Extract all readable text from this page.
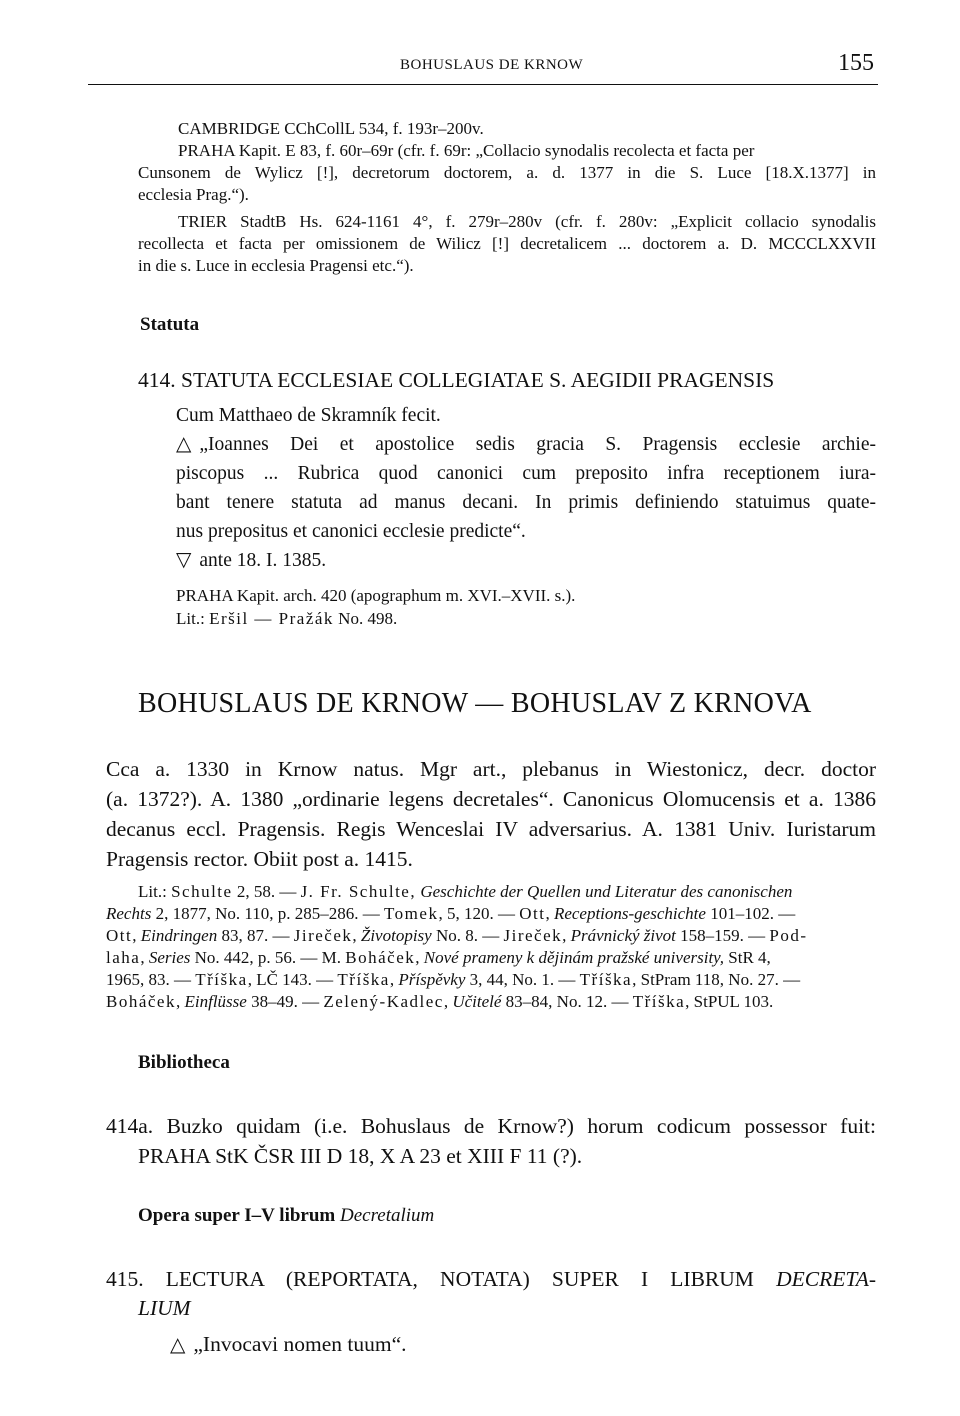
BOHUSLAUS DE KRNOW	155
CAMBRIDGE CChCollL 534, f. 193r–200v.
PRAHA Kapit. E 83, f. 60r–69r (cfr. f. 69r: „Collacio synodalis recolecta et facta per
Cunsonem de Wylicz [!], decretorum doctorem, a. d. 1377 in die S. Luce [18.X.1377] in
ecclesia Prag.“).
TRIER StadtB Hs. 624-1161 4°, f. 279r–280v (cfr. f. 280v: „Explicit collacio synodalis
recollecta et facta per omissionem de Wilicz [!] decretalicem ... doctorem a. D. MCCCLXXVII
in die s. Luce in ecclesia Pragensi etc.“).
Statuta
414. STATUTA ECCLESIAE COLLEGIATAE S. AEGIDII PRAGENSIS
Cum Matthaeo de Skramník fecit.
△ „Ioannes Dei et apostolice sedis gracia S. Pragensis ecclesie archie-
piscopus ... Rubrica quod canonici cum preposito infra receptionem iura-
bant tenere statuta ad manus decani. In primis definiendo statuimus quate-
nus prepositus et canonici ecclesie predicte“.
▽ ante 18. I. 1385.
PRAHA Kapit. arch. 420 (apographum m. XVI.–XVII. s.).
Lit.: Eršil — Pražák No. 498.
BOHUSLAUS DE KRNOW — BOHUSLAV Z KRNOVA
Cca a. 1330 in Krnow natus. Mgr art., plebanus in Wiestonicz, decr. doctor
(a. 1372?). A. 1380 „ordinarie legens decretales“. Canonicus Olomucensis et a. 1386
decanus eccl. Pragensis. Regis Wenceslai IV adversarius. A. 1381 Univ. Iuristarum
Pragensis rector. Obiit post a. 1415.
Lit.: Schulte 2, 58. — J. Fr. Schulte, Geschichte der Quellen und Literatur des canonischen
Rechts 2, 1877, No. 110, p. 285–286. — Tomek, 5, 120. — Ott, Receptions-geschichte 101–102. —
Ott, Eindringen 83, 87. — Jireček, Životopisy No. 8. — Jireček, Právnický život 158–159. — Pod-
laha, Series No. 442, p. 56. — M. Boháček, Nové prameny k dějinám pražské university, StR 4,
1965, 83. — Tříška, LČ 143. — Tříška, Příspěvky 3, 44, No. 1. — Tříška, StPram 118, No. 27. —
Boháček, Einflüsse 38–49. — Zelený-Kadlec, Učitelé 83–84, No. 12. — Tříška, StPUL 103.
Bibliotheca
414a. Buzko quidam (i.e. Bohuslaus de Krnow?) horum codicum possessor fuit:
PRAHA StK ČSR III D 18, X A 23 et XIII F 11 (?).
Opera super I–V librum Decretalium
415. LECTURA (REPORTATA, NOTATA) SUPER I LIBRUM DECRETA-
LIUM
△ „Invocavi nomen tuum“.
